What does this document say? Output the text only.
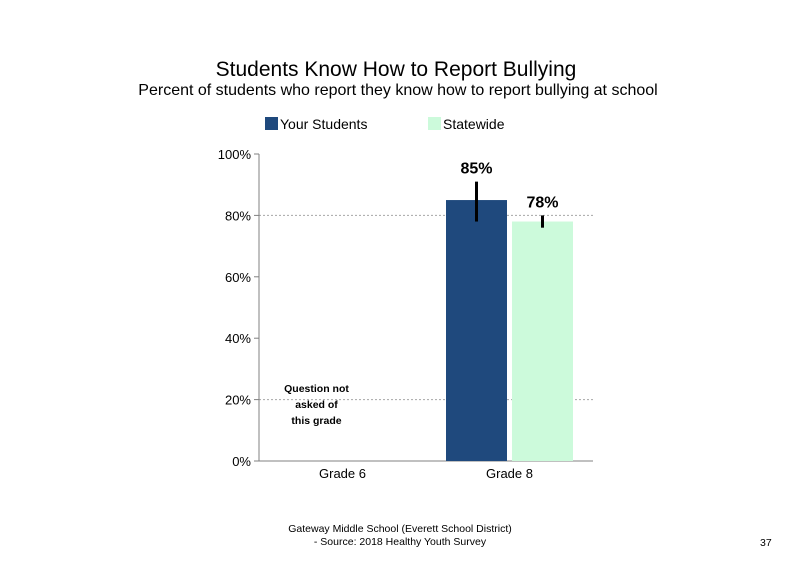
Students Know How to Report Bullying
Percent of students who report they know how to report bullying at school
0%
20%
40%
60%
80%
100%
85%
78%
Grade 6	Grade 8
Question not
asked of
this grade
Your Students	Statewide
Gateway Middle School (Everett School District)
- Source: 2018 Healthy Youth Survey	37
